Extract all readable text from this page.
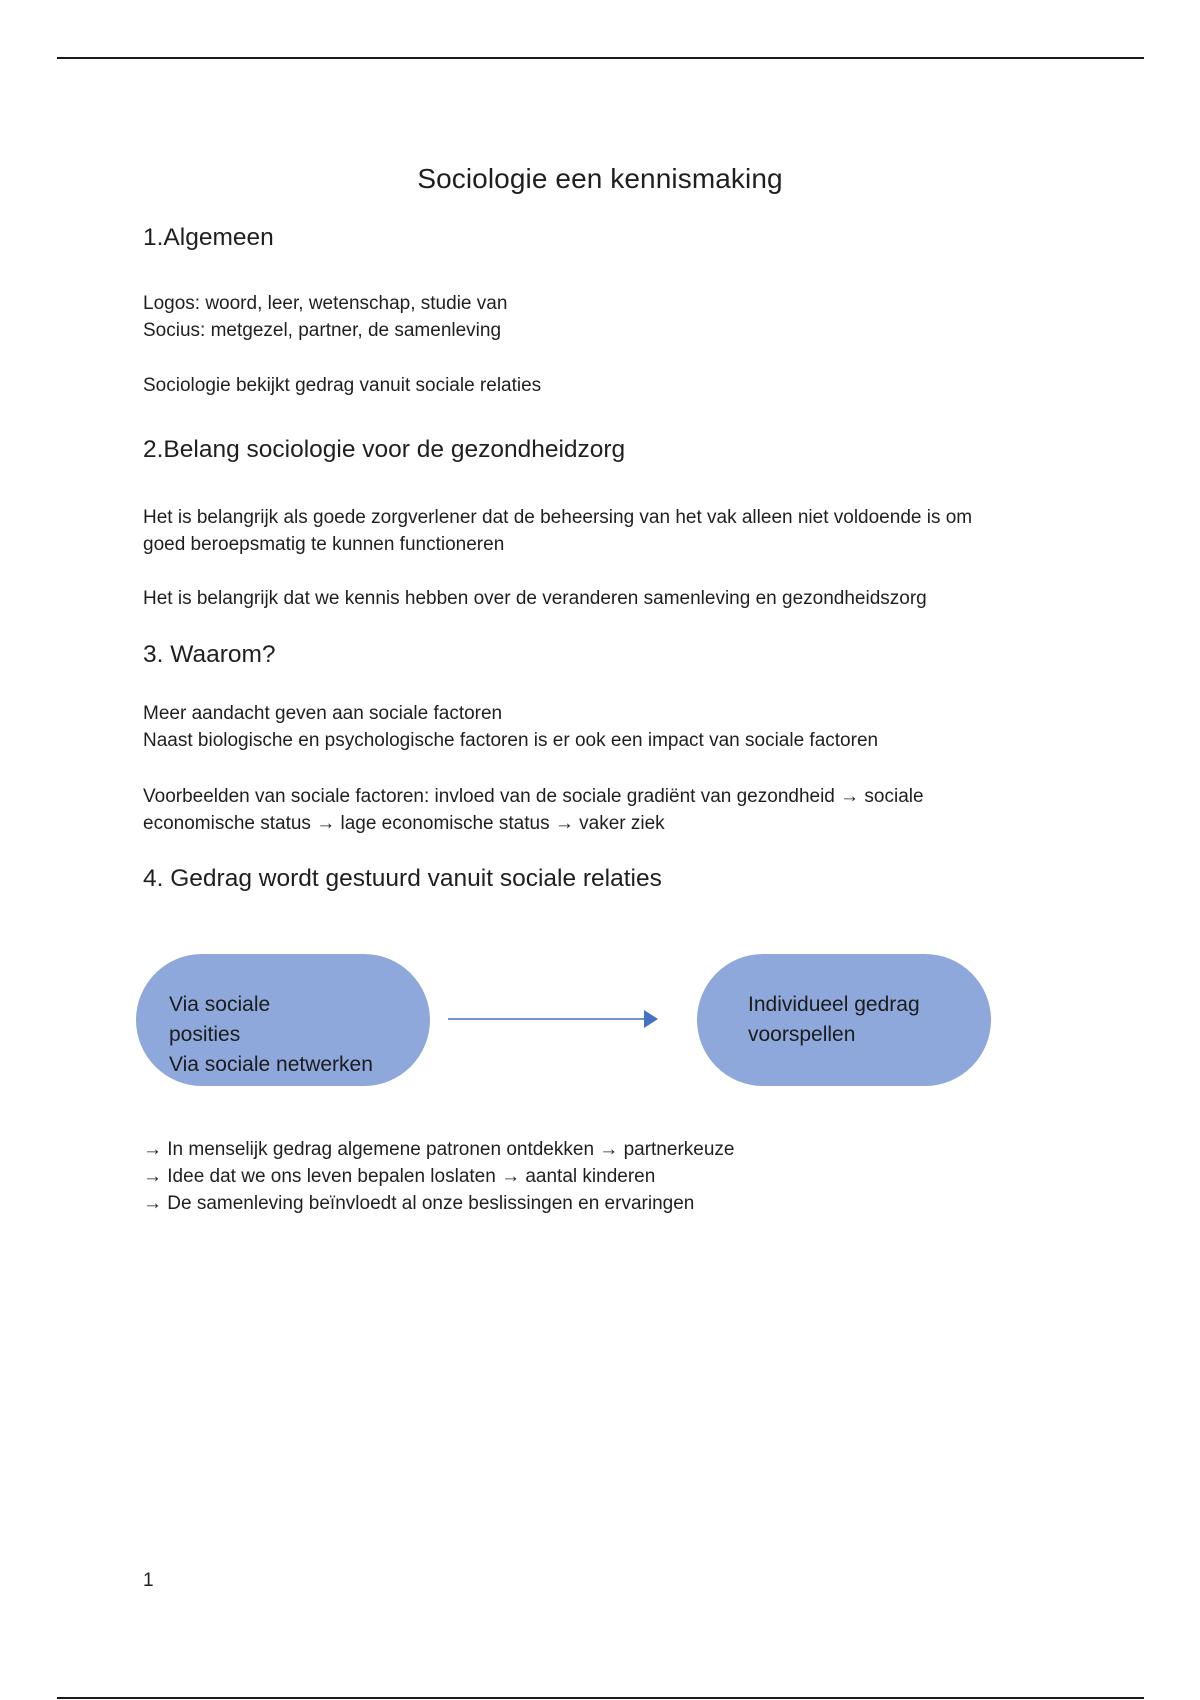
Sociologie een kennismaking
1.Algemeen

Logos: woord, leer, wetenschap, studie van
Socius: metgezel, partner, de samenleving

Sociologie bekijkt gedrag vanuit sociale relaties

2.Belang sociologie voor de gezondheidzorg

Het is belangrijk als goede zorgverlener dat de beheersing van het vak alleen niet voldoende is om
goed beroepsmatig te kunnen functioneren

Het is belangrijk dat we kennis hebben over de veranderen samenleving en gezondheidszorg

3. Waarom?

Meer aandacht geven aan sociale factoren
Naast biologische en psychologische factoren is er ook een impact van sociale factoren

Voorbeelden van sociale factoren: invloed van de sociale gradiënt van gezondheid → sociale
economische status → lage economische status → vaker ziek

4. Gedrag wordt gestuurd vanuit sociale relaties
Via sociale
posities
Via sociale netwerken
Individueel gedrag
voorspellen

→ In menselijk gedrag algemene patronen ontdekken → partnerkeuze
→ Idee dat we ons leven bepalen loslaten → aantal kinderen
→ De samenleving beïnvloedt al onze beslissingen en ervaringen

1
